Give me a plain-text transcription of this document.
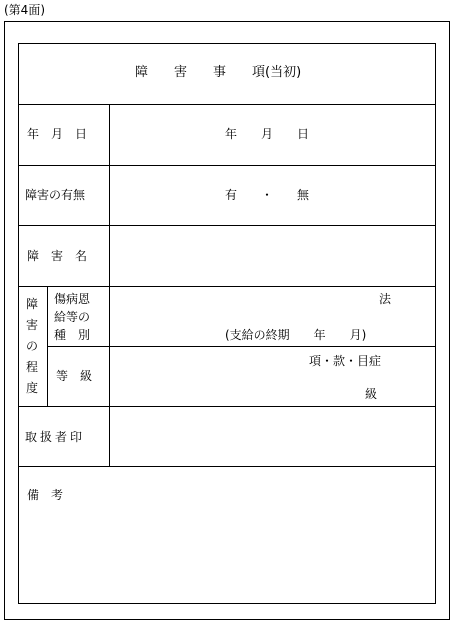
(第4面)
障　　害　　事　　項(当初)
年　月　日	年　　月　　日
障害の有無	有　　・　　無
障　害　名
障
害
の
程
度
傷病恩
給等の
種　別
法
(支給の終期　　年　　月)
等　級
項・款・目症
級
取扱者印
備　考
